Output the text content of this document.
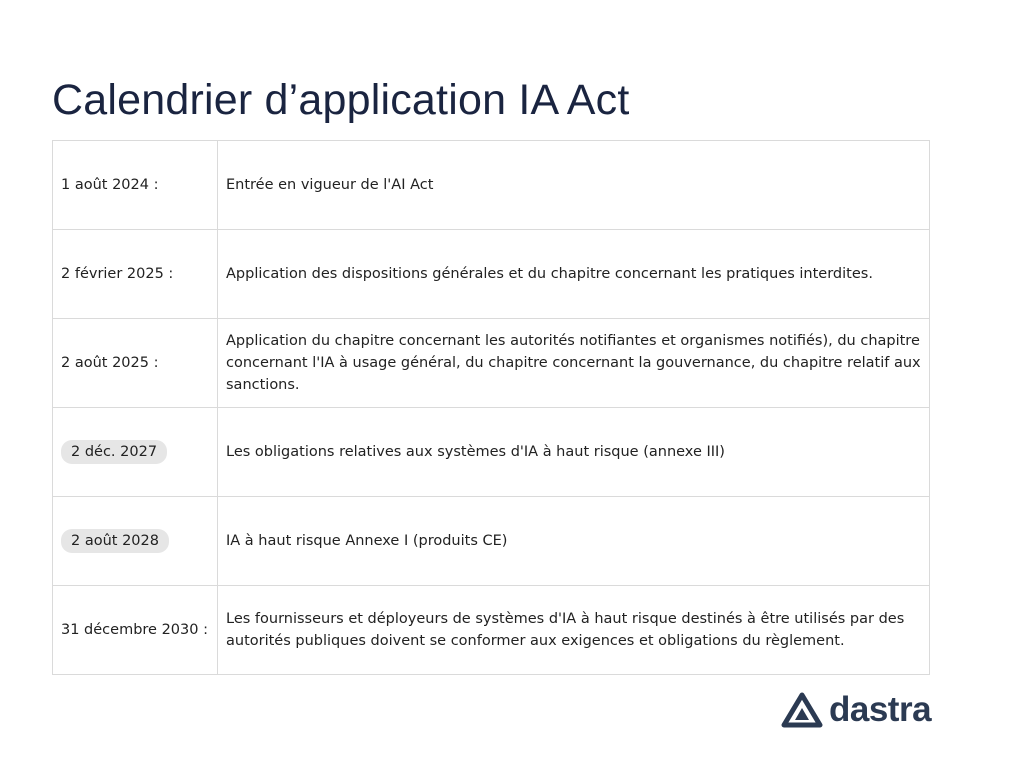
Calendrier d’application IA Act
1 août 2024 :	Entrée en vigueur de l'AI Act
2 février 2025 :	Application des dispositions générales et du chapitre concernant les pratiques interdites.
2 août 2025 :	Application du chapitre concernant les autorités notifiantes et organismes notifiés), du chapitre concernant l'IA à usage général, du chapitre concernant la gouvernance, du chapitre relatif aux sanctions.
2 déc. 2027	Les obligations relatives aux systèmes d'IA à haut risque (annexe III)
2 août 2028	IA à haut risque Annexe I (produits CE)
31 décembre 2030 :	Les fournisseurs et déployeurs de systèmes d'IA à haut risque destinés à être utilisés par des autorités publiques doivent se conformer aux exigences et obligations du règlement.
dastra
